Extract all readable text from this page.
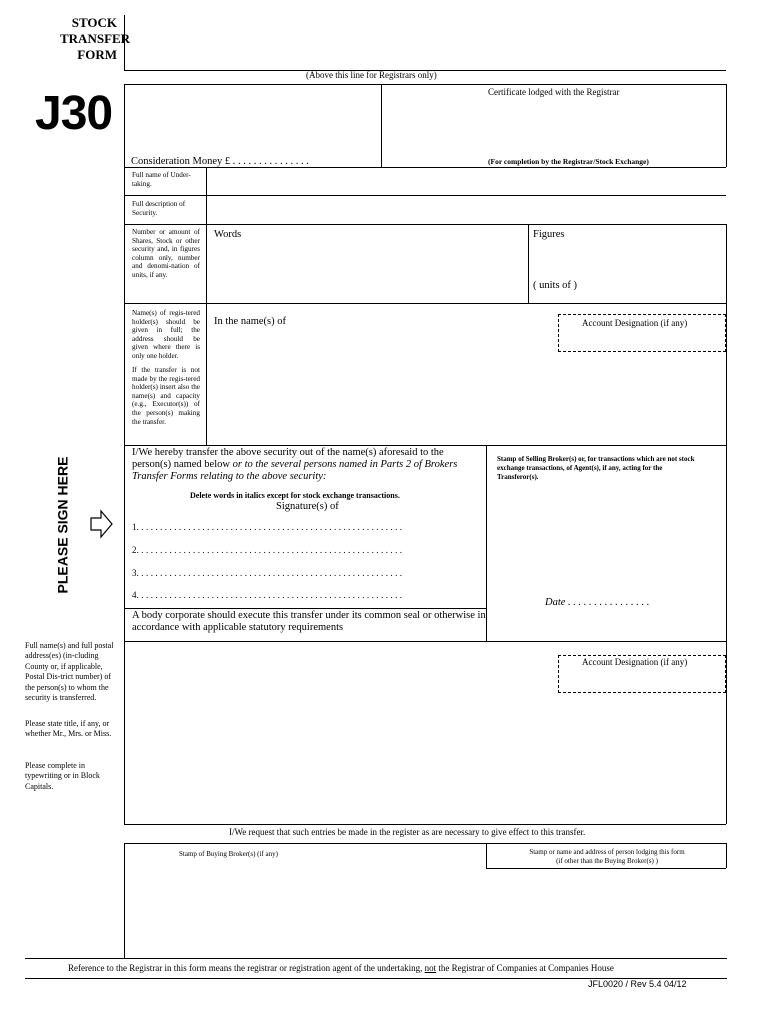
STOCK
TRANSFER
FORM
J30
(Above this line for Registrars only)
Certificate lodged with the Registrar
Consideration Money £ . . . . . . . . . . . . . . .	(For completion by the Registrar/Stock Exchange)
Full name of Under-taking.
Full description of Security.
Number or amount of Shares, Stock or other security and, in figures column only, number and denomi-nation of units, if any.
Words	Figures
( units of )
Name(s) of regis-tered holder(s) should be given in full; the address should be given where there is only one holder.
If the transfer is not made by the regis-tered holder(s) insert also the name(s) and capacity (e.g., Executor(s)) of the person(s) making the transfer.
In the name(s) of	Account Designation (if any)
PLEASE SIGN HERE
I/We hereby transfer the above security out of the name(s) aforesaid to the person(s) named below or to the several persons named in Parts 2 of Brokers Transfer Forms relating to the above security:
Stamp of Selling Broker(s) or, for transactions which are not stock exchange transactions, of Agent(s), if any, acting for the Transferor(s).
Delete words in italics except for stock exchange transactions.
Signature(s) of
1. . . . . . . . . . . . . . . . . . . . . . . . . . . . . . . . . . . . . . . . . . . . . . . . . . . . . . . . .
2. . . . . . . . . . . . . . . . . . . . . . . . . . . . . . . . . . . . . . . . . . . . . . . . . . . . . . . . .
3. . . . . . . . . . . . . . . . . . . . . . . . . . . . . . . . . . . . . . . . . . . . . . . . . . . . . . . . .
4. . . . . . . . . . . . . . . . . . . . . . . . . . . . . . . . . . . . . . . . . . . . . . . . . . . . . . . . .
Date . . . . . . . . . . . . . . . .
A body corporate should execute this transfer under its common seal or otherwise in accordance with applicable statutory requirements
Full name(s) and full postal address(es) (in-cluding County or, if applicable, Postal Dis-trict number) of the person(s) to whom the security is transferred.
Please state title, if any, or whether Mr., Mrs. or Miss.
Please complete in typewriting or in Block Capitals.
Account Designation (if any)
I/We request that such entries be made in the register as are necessary to give effect to this transfer.
Stamp of Buying Broker(s) (if any)	Stamp or name and address of person lodging this form
(if other than the Buying Broker(s) )
Reference to the Registrar in this form means the registrar or registration agent of the undertaking, not the Registrar of Companies at Companies House
JFL0020 / Rev 5.4 04/12
